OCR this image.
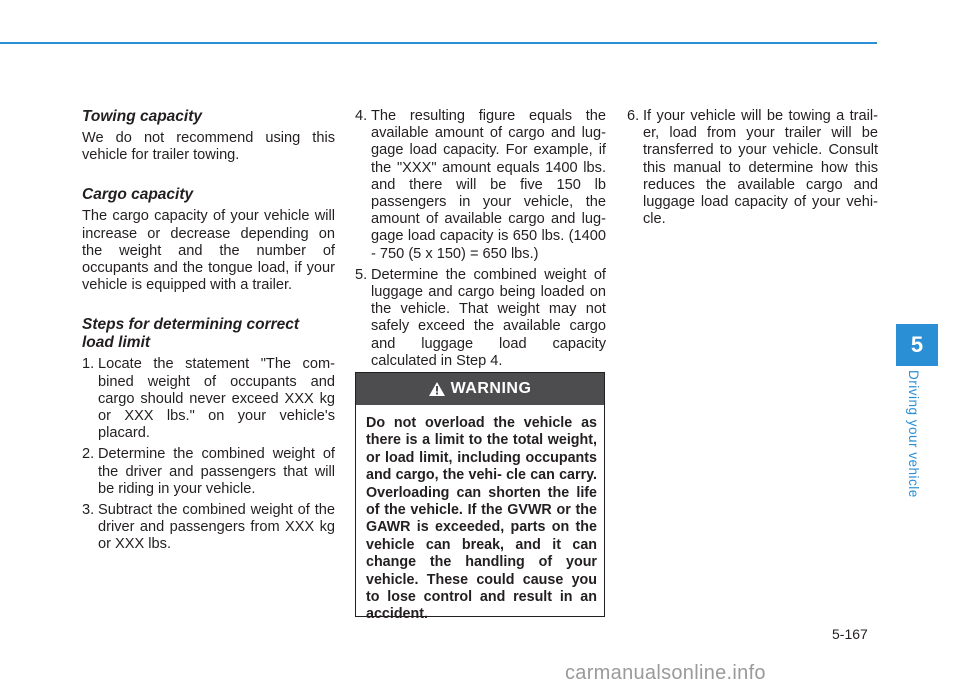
Towing capacity

We do not recommend using this vehicle for trailer towing.

Cargo capacity

The cargo capacity of your vehicle will increase or decrease depending on the weight and the number of occupants and the tongue load, if your vehicle is equipped with a trailer.

Steps for determining correct load limit
1. Locate the statement "The com- bined weight of occupants and cargo should never exceed XXX kg or XXX lbs." on your vehicle's placard.
2. Determine the combined weight of the driver and passengers that will be riding in your vehicle.
3. Subtract the combined weight of the driver and passengers from XXX kg or XXX lbs.
4. The resulting figure equals the available amount of cargo and lug- gage load capacity. For example, if the "XXX" amount equals 1400 lbs. and there will be five 150 lb passengers in your vehicle, the amount of available cargo and lug- gage load capacity is 650 lbs. (1400 - 750 (5 x 150) = 650 lbs.)
5. Determine the combined weight of luggage and cargo being loaded on the vehicle. That weight may not safely exceed the available cargo and luggage load capacity calculated in Step 4.
WARNING
Do not overload the vehicle as there is a limit to the total weight, or load limit, including occupants and cargo, the vehi- cle can carry. Overloading can shorten the life of the vehicle. If the GVWR or the GAWR is exceeded, parts on the vehicle can break, and it can change the handling of your vehicle. These could cause you to lose control and result in an accident.
6. If your vehicle will be towing a trail- er, load from your trailer will be transferred to your vehicle. Consult this manual to determine how this reduces the available cargo and luggage load capacity of your vehi- cle.
5
Driving your vehicle
5-167
carmanualsonline.info
